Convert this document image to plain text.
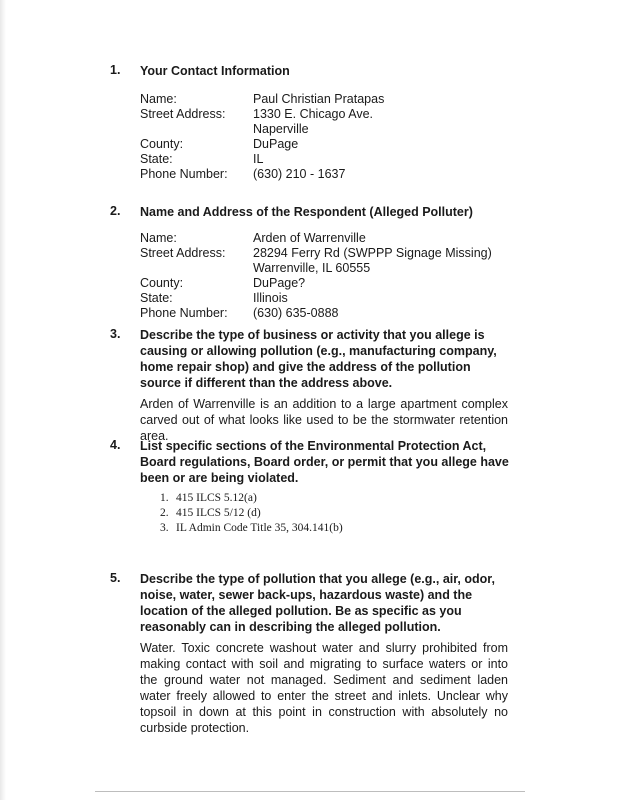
1. Your Contact Information
Name:	Paul Christian Pratapas
Street Address: 1330 E. Chicago Ave.
Naperville
County:	DuPage
State:	IL
Phone Number: (630) 210 - 1637
2. Name and Address of the Respondent (Alleged Polluter)
Name:	Arden of Warrenville
Street Address: 28294 Ferry Rd (SWPPP Signage Missing)
Warrenville, IL 60555
County:	DuPage?
State:	Illinois
Phone Number: (630) 635-0888
3. Describe the type of business or activity that you allege is causing or allowing pollution (e.g., manufacturing company, home repair shop) and give the address of the pollution source if different than the address above.
Arden of Warrenville is an addition to a large apartment complex carved out of what looks like used to be the stormwater retention area.
4. List specific sections of the Environmental Protection Act, Board regulations, Board order, or permit that you allege have been or are being violated.
1. 415 ILCS 5.12(a)
2. 415 ILCS 5/12 (d)
3. IL Admin Code Title 35, 304.141(b)
5. Describe the type of pollution that you allege (e.g., air, odor, noise, water, sewer back-ups, hazardous waste) and the location of the alleged pollution. Be as specific as you reasonably can in describing the alleged pollution.
Water. Toxic concrete washout water and slurry prohibited from making contact with soil and migrating to surface waters or into the ground water not managed. Sediment and sediment laden water freely allowed to enter the street and inlets. Unclear why topsoil in down at this point in construction with absolutely no curbside protection.
